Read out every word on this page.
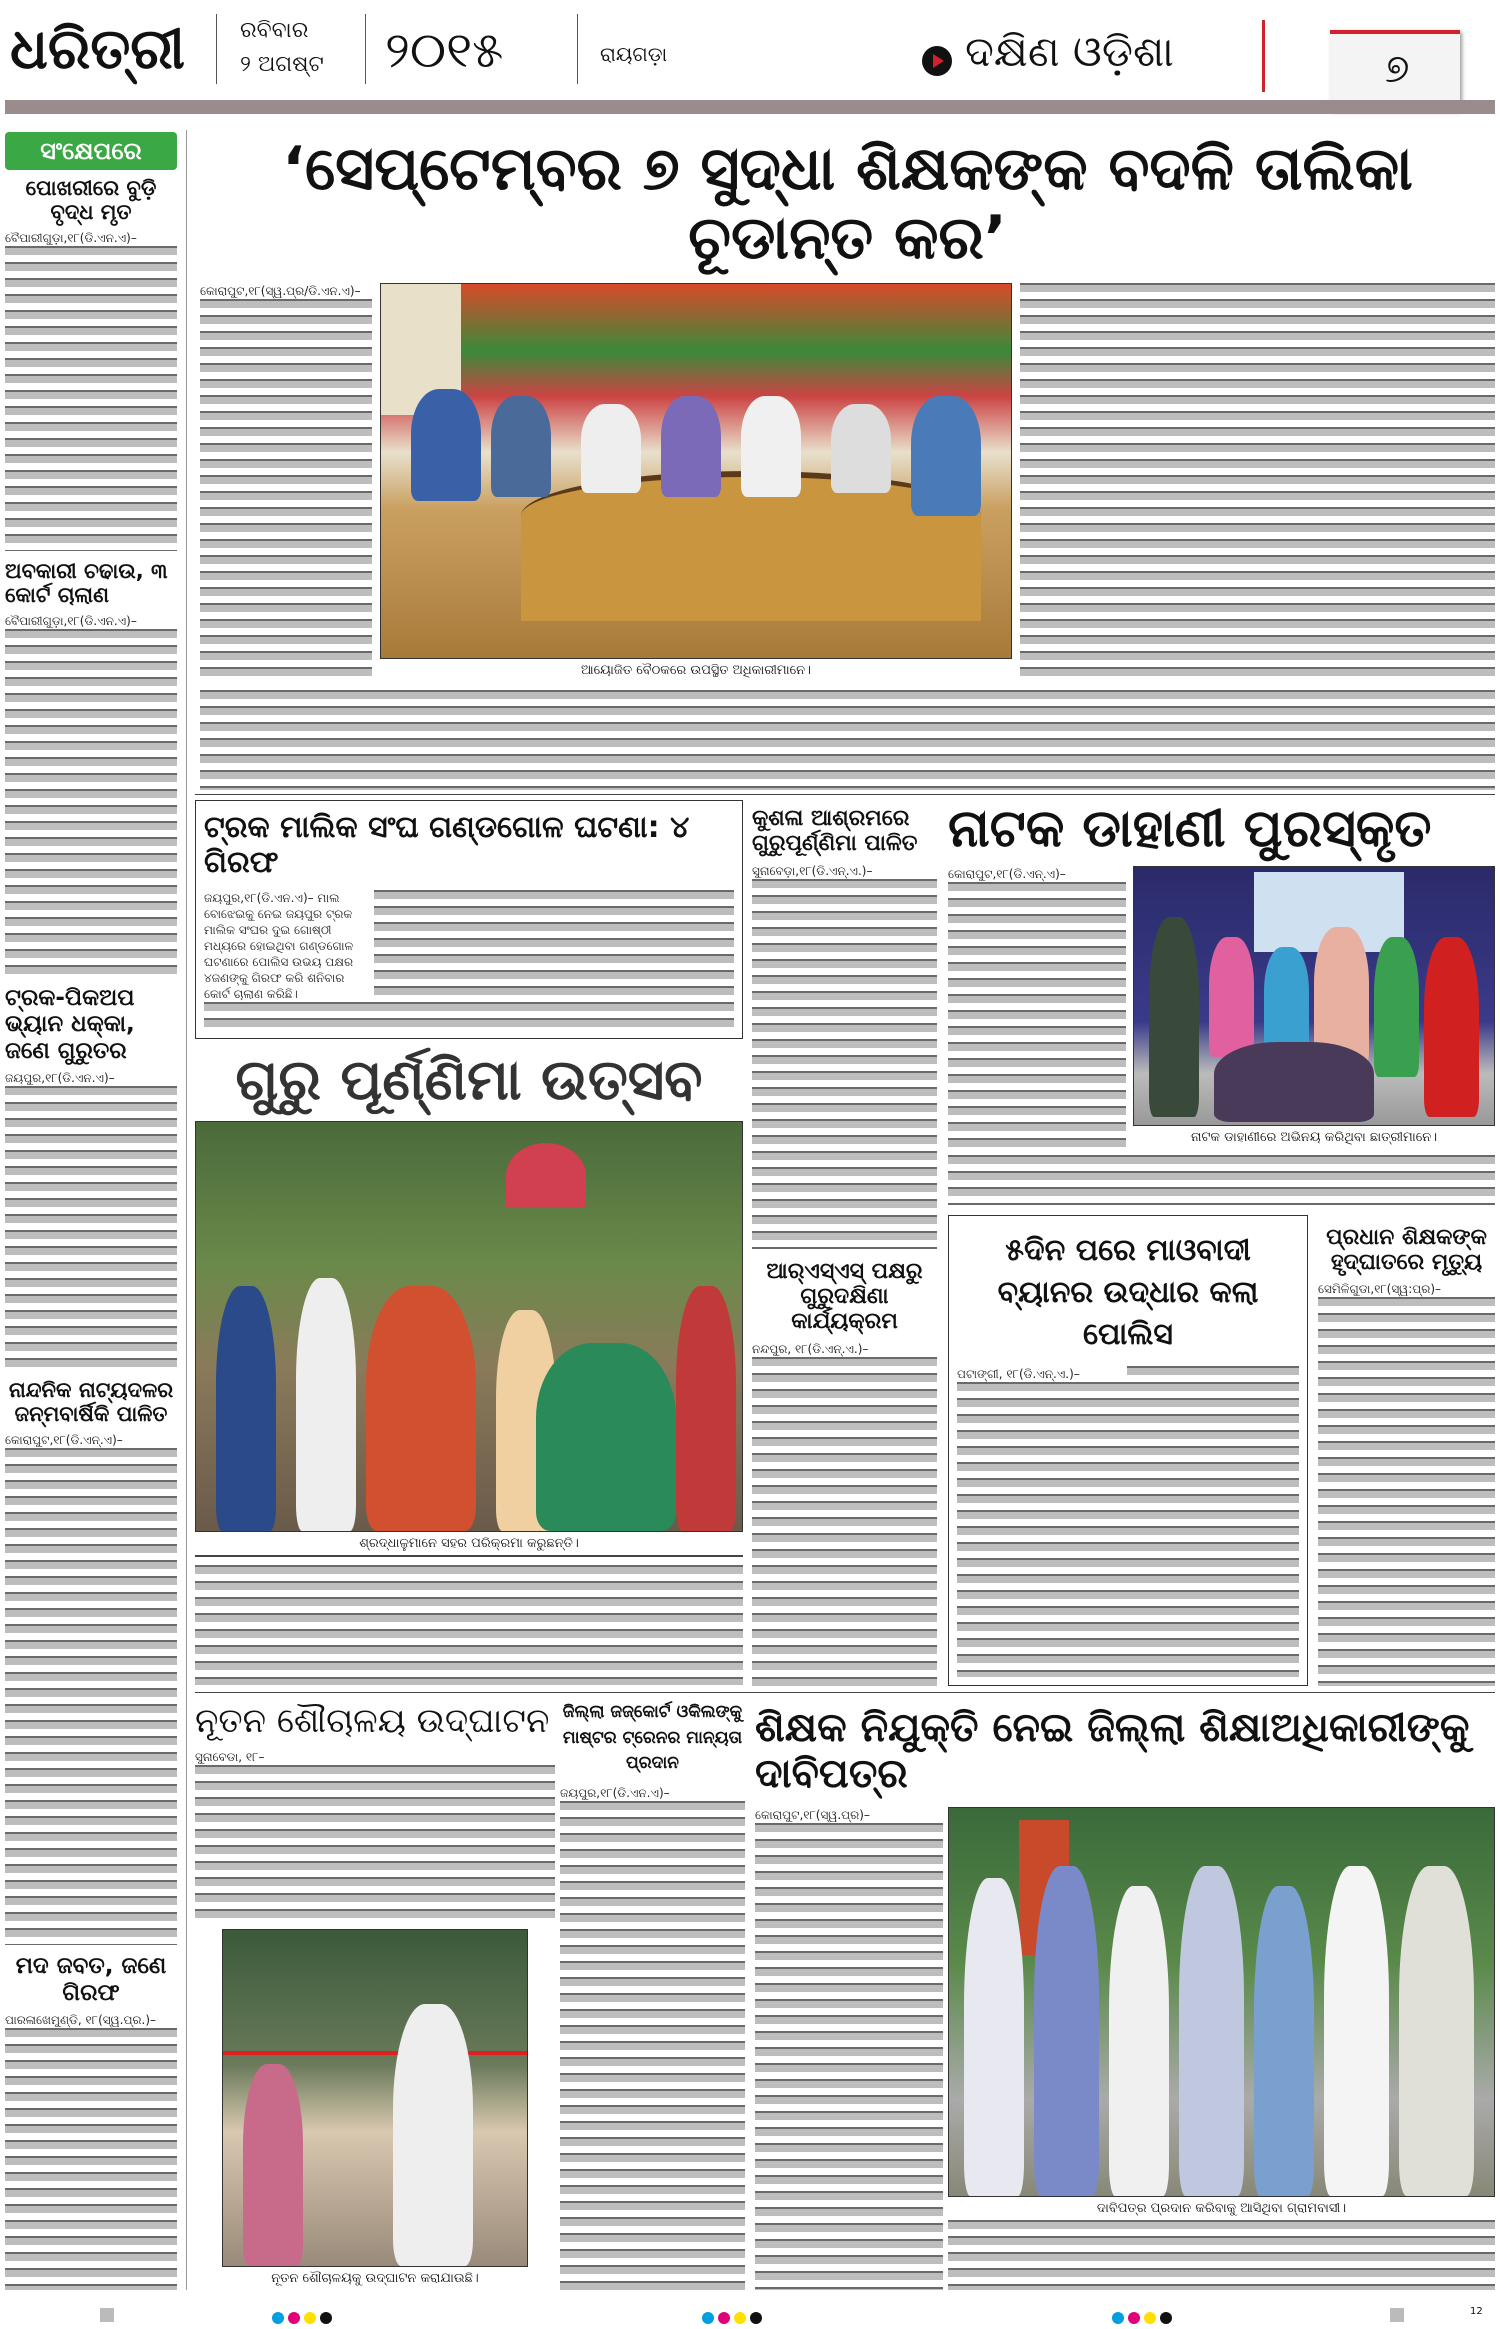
ଧରିତ୍ରୀ	ରବିବାର
୨ ଅଗଷ୍ଟ ୨୦୧୫	ରାୟଗଡ଼ା	ଦକ୍ଷିଣ ଓଡ଼ିଶା	୭
ସଂକ୍ଷେପରେ
ପୋଖରୀରେ ବୁଡ଼ି ବୃଦ୍ଧ ମୃତ
ବୈପାରୀଗୁଡ଼ା,୧୮(ଡି.ଏନ.ଏ)–
ଅବକାରୀ ଚଢାଉ, ୩ କୋର୍ଟ ଚାଲାଣ
ବୈପାରୀଗୁଡ଼ା,୧୮(ଡି.ଏନ.ଏ)–
ଟ୍ରକ-ପିକଅପ ଭ୍ୟାନ ଧକ୍କା, ଜଣେ ଗୁରୁତର
ଜୟପୁର,୧୮(ଡି.ଏନ.ଏ)–
ନାନ୍ଦନିକ ନାଟ୍ୟଦଳର ଜନ୍ମବାର୍ଷିକି ପାଳିତ
କୋରାପୁଟ,୧୮(ଡି.ଏନ୍.ଏ)–
ମଦ ଜବତ, ଜଣେ ଗିରଫ
ପାରଳାଖେମୁଣ୍ଡି, ୧୮(ସ୍ୱ.ପ୍ର.)–
‘ସେପ୍ଟେମ୍ବର ୭ ସୁଦ୍ଧା ଶିକ୍ଷକଙ୍କ ବଦଳି ତାଲିକା ଚୂଡାନ୍ତ କର’
କୋରାପୁଟ,୧୮(ସ୍ୱ.ପ୍ର/ଡି.ଏନ.ଏ)–
ଆୟୋଜିତ ବୈଠକରେ ଉପସ୍ଥିତ ଅଧିକାରୀମାନେ।
ଟ୍ରକ ମାଲିକ ସଂଘ ଗଣ୍ଡଗୋଳ ଘଟଣା: ୪ ଗିରଫ
ଜୟପୁର,୧୮(ଡି.ଏନ.ଏ)– ମାଲ ବୋଝେଇକୁ ନେଇ ଜୟପୁର ଟ୍ରକ ମାଲିକ ସଂଘର ଦୁଇ ଗୋଷ୍ଠୀ ମଧ୍ୟରେ ହୋଇଥିବା ଗଣ୍ଡଗୋଳ ଘଟଣାରେ ପୋଲିସ ଉଭୟ ପକ୍ଷର ୪ଜଣଙ୍କୁ ଗିରଫ କରି ଶନିବାର କୋର୍ଟ ଚାଲାଣ କରିଛି।
ଗୁରୁ ପୂର୍ଣ୍ଣିମା ଉତ୍ସବ
ଶ୍ରଦ୍ଧାଳୁମାନେ ସହର ପରିକ୍ରମା କରୁଛନ୍ତି।
କୁଶଳା ଆଶ୍ରମରେ ଗୁରୁପୂର୍ଣ୍ଣିମା ପାଳିତ
ସୁନାବେଡ଼ା,୧୮(ଡି.ଏନ୍.ଏ.)–
ଆର୍‌ଏସ୍‌ଏସ୍ ପକ୍ଷରୁ ଗୁରୁଦକ୍ଷିଣା କାର୍ଯ୍ୟକ୍ରମ
ନନ୍ଦପୁର, ୧୮(ଡି.ଏନ୍.ଏ.)–
ନାଟକ ଡାହାଣୀ ପୁରସ୍କୃତ
କୋରାପୁଟ,୧୮(ଡି.ଏନ୍.ଏ)–
ନାଟକ ଡାହାଣୀରେ ଅଭିନୟ କରିଥିବା ଛାତ୍ରୀମାନେ।
୫ଦିନ ପରେ ମାଓବାଦୀ ବ୍ୟାନର ଉଦ୍ଧାର କଲା ପୋଲିସ
ପଟାଙ୍ଗୀ, ୧୮(ଡି.ଏନ୍.ଏ.)–
ପ୍ରଧାନ ଶିକ୍ଷକଙ୍କ ହୃଦ୍‌ଘାତରେ ମୃତ୍ୟୁ
ସେମିଳିଗୁଡା,୧୮(ସ୍ୱ:ପ୍ର)–
ନୂତନ ଶୌଚାଳୟ ଉଦ୍‌ଘାଟନ
ସୁନାବେଡା, ୧୮–
ନୂତନ ଶୌଚାଳୟକୁ ଉଦ୍‌ଘାଟନ କରାଯାଉଛି।
ଜିଲ୍ଲା ଜଜ୍‌କୋର୍ଟ ଓକିଲଙ୍କୁ ମାଷ୍ଟର ଟ୍ରେନର ମାନ୍ୟତା ପ୍ରଦାନ
ଜୟପୁର,୧୮(ଡି.ଏନ.ଏ)–
ଶିକ୍ଷକ ନିଯୁକ୍ତି ନେଇ ଜିଲ୍ଲା ଶିକ୍ଷାଅଧିକାରୀଙ୍କୁ ଦାବିପତ୍ର
କୋରାପୁଟ,୧୮(ସ୍ୱ.ପ୍ର)–
ଦାବିପତ୍ର ପ୍ରଦାନ କରିବାକୁ ଆସିଥିବା ଗ୍ରାମବାସୀ।
12
